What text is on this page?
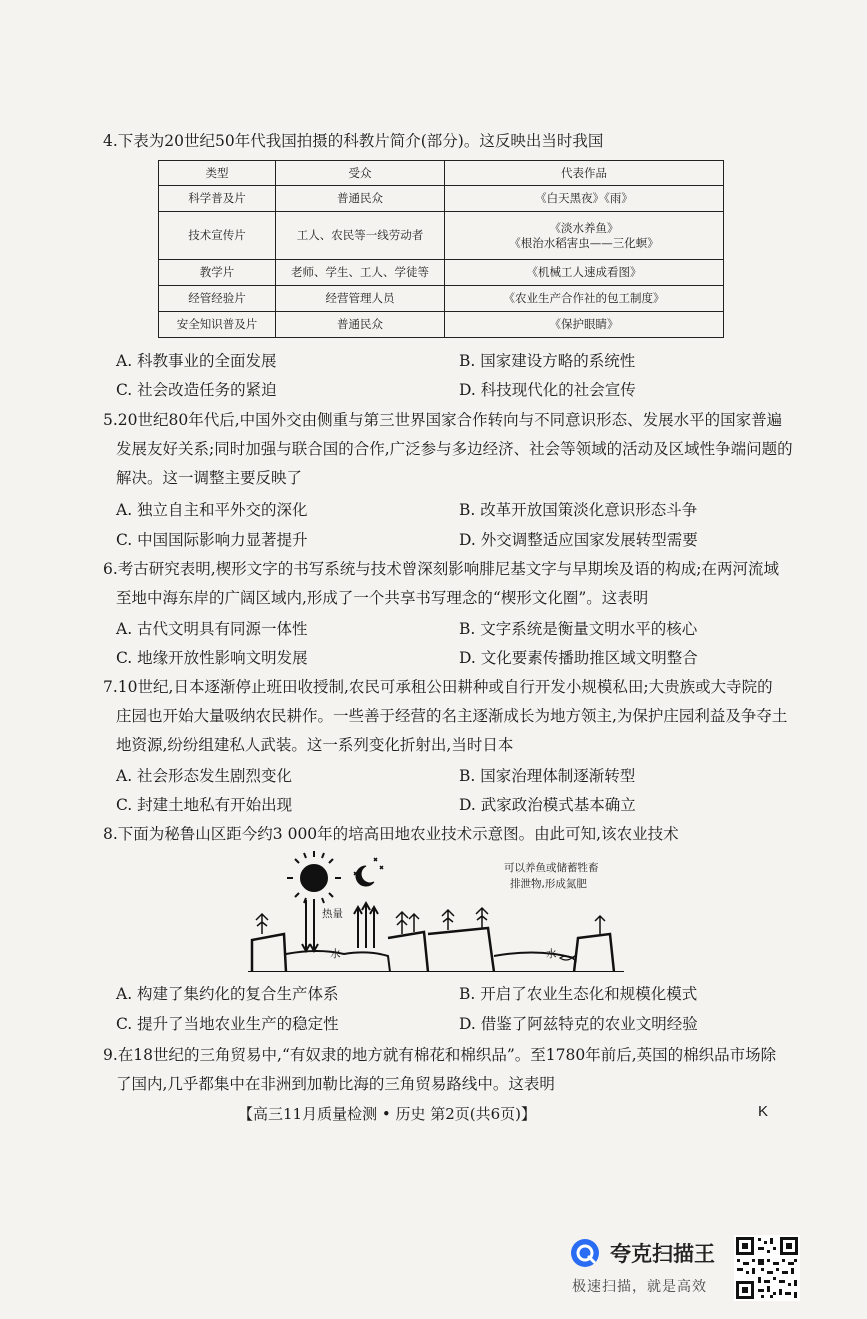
4.下表为20世纪50年代我国拍摄的科教片简介(部分)。这反映出当时我国
类型	受众	代表作品
科学普及片	普通民众	《白天黑夜》《雨》
技术宣传片	工人、农民等一线劳动者	《淡水养鱼》
《根治水稻害虫——三化螟》

教学片	老师、学生、工人、学徒等	《机械工人速成看图》
经管经验片	经营管理人员	《农业生产合作社的包工制度》
安全知识普及片	普通民众	《保护眼睛》
A. 科教事业的全面发展	B. 国家建设方略的系统性
C. 社会改造任务的紧迫	D. 科技现代化的社会宣传
5.20世纪80年代后,中国外交由侧重与第三世界国家合作转向与不同意识形态、发展水平的国家普遍
发展友好关系;同时加强与联合国的合作,广泛参与多边经济、社会等领域的活动及区域性争端问题的
解决。这一调整主要反映了
A. 独立自主和平外交的深化	B. 改革开放国策淡化意识形态斗争
C. 中国国际影响力显著提升	D. 外交调整适应国家发展转型需要
6.考古研究表明,楔形文字的书写系统与技术曾深刻影响腓尼基文字与早期埃及语的构成;在两河流域
至地中海东岸的广阔区域内,形成了一个共享书写理念的“楔形文化圈”。这表明
A. 古代文明具有同源一体性	B. 文字系统是衡量文明水平的核心
C. 地缘开放性影响文明发展	D. 文化要素传播助推区域文明整合
7.10世纪,日本逐渐停止班田收授制,农民可承租公田耕种或自行开发小规模私田;大贵族或大寺院的
庄园也开始大量吸纳农民耕作。一些善于经营的名主逐渐成长为地方领主,为保护庄园利益及争夺土
地资源,纷纷组建私人武装。这一系列变化折射出,当时日本
A. 社会形态发生剧烈变化	B. 国家治理体制逐渐转型
C. 封建土地私有开始出现	D. 武家政治模式基本确立
8.下面为秘鲁山区距今约3 000年的培高田地农业技术示意图。由此可知,该农业技术
热量
水	水
可以养鱼或储蓄牲畜
排泄物,形成氮肥
A. 构建了集约化的复合生产体系	B. 开启了农业生态化和规模化模式
C. 提升了当地农业生产的稳定性	D. 借鉴了阿兹特克的农业文明经验
9.在18世纪的三角贸易中,“有奴隶的地方就有棉花和棉织品”。至1780年前后,英国的棉织品市场除
了国内,几乎都集中在非洲到加勒比海的三角贸易路线中。这表明
【高三11月质量检测 • 历史 第2页(共6页)】	K
夸克扫描王
极速扫描，就是高效
